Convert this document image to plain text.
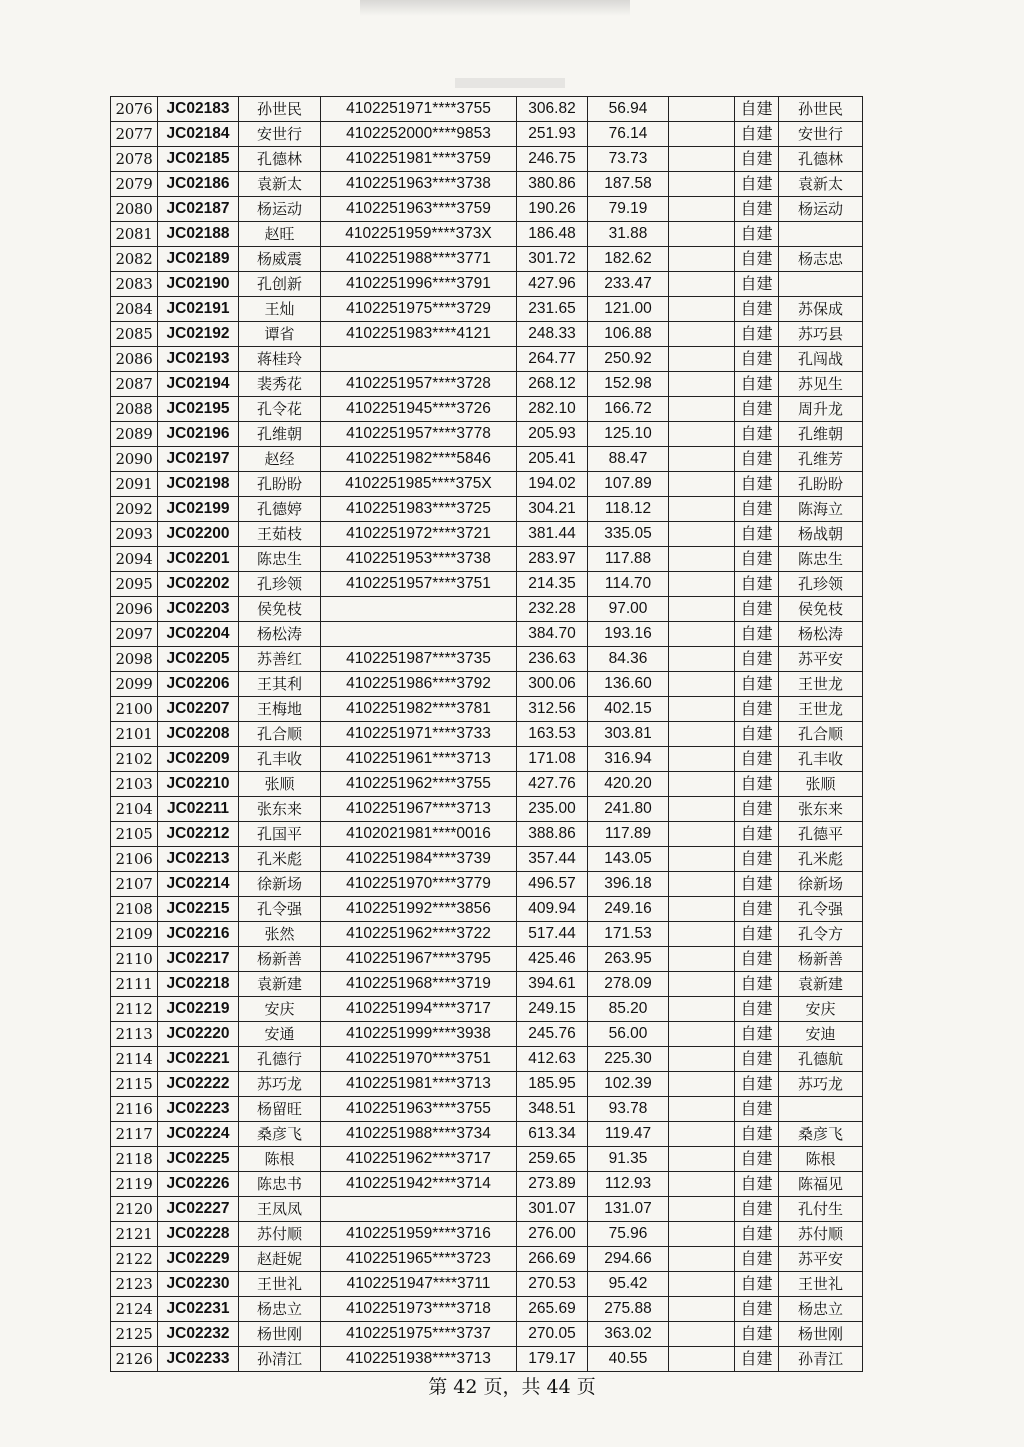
2076	JC02183	孙世民	4102251971****3755	306.82	56.94		自建	孙世民
2077	JC02184	安世行	4102252000****9853	251.93	76.14		自建	安世行
2078	JC02185	孔德林	4102251981****3759	246.75	73.73		自建	孔德林
2079	JC02186	袁新太	4102251963****3738	380.86	187.58		自建	袁新太
2080	JC02187	杨运动	4102251963****3759	190.26	79.19		自建	杨运动
2081	JC02188	赵旺	4102251959****373X	186.48	31.88		自建	
2082	JC02189	杨威震	4102251988****3771	301.72	182.62		自建	杨志忠
2083	JC02190	孔创新	4102251996****3791	427.96	233.47		自建	
2084	JC02191	王灿	4102251975****3729	231.65	121.00		自建	苏保成
2085	JC02192	谭省	4102251983****4121	248.33	106.88		自建	苏巧县
2086	JC02193	蒋桂玲		264.77	250.92		自建	孔闯战
2087	JC02194	裴秀花	4102251957****3728	268.12	152.98		自建	苏见生
2088	JC02195	孔令花	4102251945****3726	282.10	166.72		自建	周升龙
2089	JC02196	孔维朝	4102251957****3778	205.93	125.10		自建	孔维朝
2090	JC02197	赵经	4102251982****5846	205.41	88.47		自建	孔维芳
2091	JC02198	孔盼盼	4102251985****375X	194.02	107.89		自建	孔盼盼
2092	JC02199	孔德婷	4102251983****3725	304.21	118.12		自建	陈海立
2093	JC02200	王茹枝	4102251972****3721	381.44	335.05		自建	杨战朝
2094	JC02201	陈忠生	4102251953****3738	283.97	117.88		自建	陈忠生
2095	JC02202	孔珍领	4102251957****3751	214.35	114.70		自建	孔珍领
2096	JC02203	侯免枝		232.28	97.00		自建	侯免枝
2097	JC02204	杨松涛		384.70	193.16		自建	杨松涛
2098	JC02205	苏善红	4102251987****3735	236.63	84.36		自建	苏平安
2099	JC02206	王其利	4102251986****3792	300.06	136.60		自建	王世龙
2100	JC02207	王梅地	4102251982****3781	312.56	402.15		自建	王世龙
2101	JC02208	孔合顺	4102251971****3733	163.53	303.81		自建	孔合顺
2102	JC02209	孔丰收	4102251961****3713	171.08	316.94		自建	孔丰收
2103	JC02210	张顺	4102251962****3755	427.76	420.20		自建	张顺
2104	JC02211	张东来	4102251967****3713	235.00	241.80		自建	张东来
2105	JC02212	孔国平	4102021981****0016	388.86	117.89		自建	孔德平
2106	JC02213	孔米彪	4102251984****3739	357.44	143.05		自建	孔米彪
2107	JC02214	徐新场	4102251970****3779	496.57	396.18		自建	徐新场
2108	JC02215	孔令强	4102251992****3856	409.94	249.16		自建	孔令强
2109	JC02216	张然	4102251962****3722	517.44	171.53		自建	孔令方
2110	JC02217	杨新善	4102251967****3795	425.46	263.95		自建	杨新善
2111	JC02218	袁新建	4102251968****3719	394.61	278.09		自建	袁新建
2112	JC02219	安庆	4102251994****3717	249.15	85.20		自建	安庆
2113	JC02220	安通	4102251999****3938	245.76	56.00		自建	安迪
2114	JC02221	孔德行	4102251970****3751	412.63	225.30		自建	孔德航
2115	JC02222	苏巧龙	4102251981****3713	185.95	102.39		自建	苏巧龙
2116	JC02223	杨留旺	4102251963****3755	348.51	93.78		自建	
2117	JC02224	桑彦飞	4102251988****3734	613.34	119.47		自建	桑彦飞
2118	JC02225	陈根	4102251962****3717	259.65	91.35		自建	陈根
2119	JC02226	陈忠书	4102251942****3714	273.89	112.93		自建	陈福见
2120	JC02227	王凤凤		301.07	131.07		自建	孔付生
2121	JC02228	苏付顺	4102251959****3716	276.00	75.96		自建	苏付顺
2122	JC02229	赵赶妮	4102251965****3723	266.69	294.66		自建	苏平安
2123	JC02230	王世礼	4102251947****3711	270.53	95.42		自建	王世礼
2124	JC02231	杨忠立	4102251973****3718	265.69	275.88		自建	杨忠立
2125	JC02232	杨世刚	4102251975****3737	270.05	363.02		自建	杨世刚
2126	JC02233	孙清江	4102251938****3713	179.17	40.55		自建	孙青江
第 42 页，共 44 页
